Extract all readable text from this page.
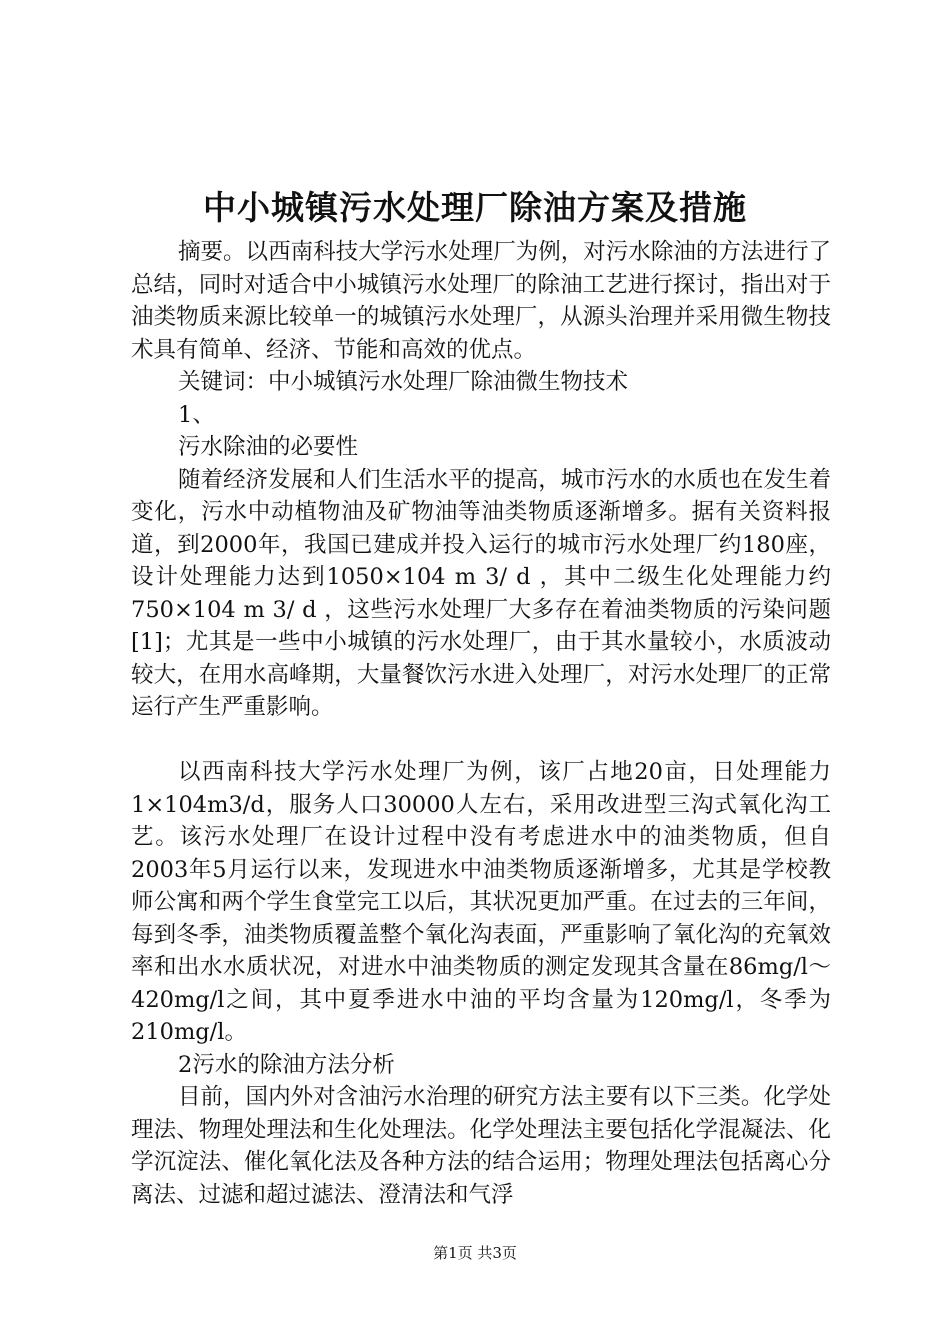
中小城镇污水处理厂除油方案及措施

摘要。以西南科技大学污水处理厂为例，对污水除油的方法进行了总结，同时对适合中小城镇污水处理厂的除油工艺进行探讨，指出对于油类物质来源比较单一的城镇污水处理厂，从源头治理并采用微生物技术具有简单、经济、节能和高效的优点。

关键词：中小城镇污水处理厂除油微生物技术

1、

污水除油的必要性

随着经济发展和人们生活水平的提高，城市污水的水质也在发生着变化，污水中动植物油及矿物油等油类物质逐渐增多。据有关资料报道，到2000年，我国已建成并投入运行的城市污水处理厂约180座，设计处理能力达到1050×104 m 3/ d ，其中二级生化处理能力约750×104 m 3/ d ，这些污水处理厂大多存在着油类物质的污染问题[1]；尤其是一些中小城镇的污水处理厂，由于其水量较小，水质波动较大，在用水高峰期，大量餐饮污水进入处理厂，对污水处理厂的正常运行产生严重影响。

以西南科技大学污水处理厂为例，该厂占地20亩，日处理能力1×104m3/d，服务人口30000人左右，采用改进型三沟式氧化沟工艺。该污水处理厂在设计过程中没有考虑进水中的油类物质，但自2003年5月运行以来，发现进水中油类物质逐渐增多，尤其是学校教师公寓和两个学生食堂完工以后，其状况更加严重。在过去的三年间，每到冬季，油类物质覆盖整个氧化沟表面，严重影响了氧化沟的充氧效率和出水水质状况，对进水中油类物质的测定发现其含量在86mg/l～420mg/l之间，其中夏季进水中油的平均含量为120mg/l，冬季为210mg/l。

2污水的除油方法分析

目前，国内外对含油污水治理的研究方法主要有以下三类。化学处理法、物理处理法和生化处理法。化学处理法主要包括化学混凝法、化学沉淀法、催化氧化法及各种方法的结合运用；物理处理法包括离心分离法、过滤和超过滤法、澄清法和气浮

第1页 共3页
